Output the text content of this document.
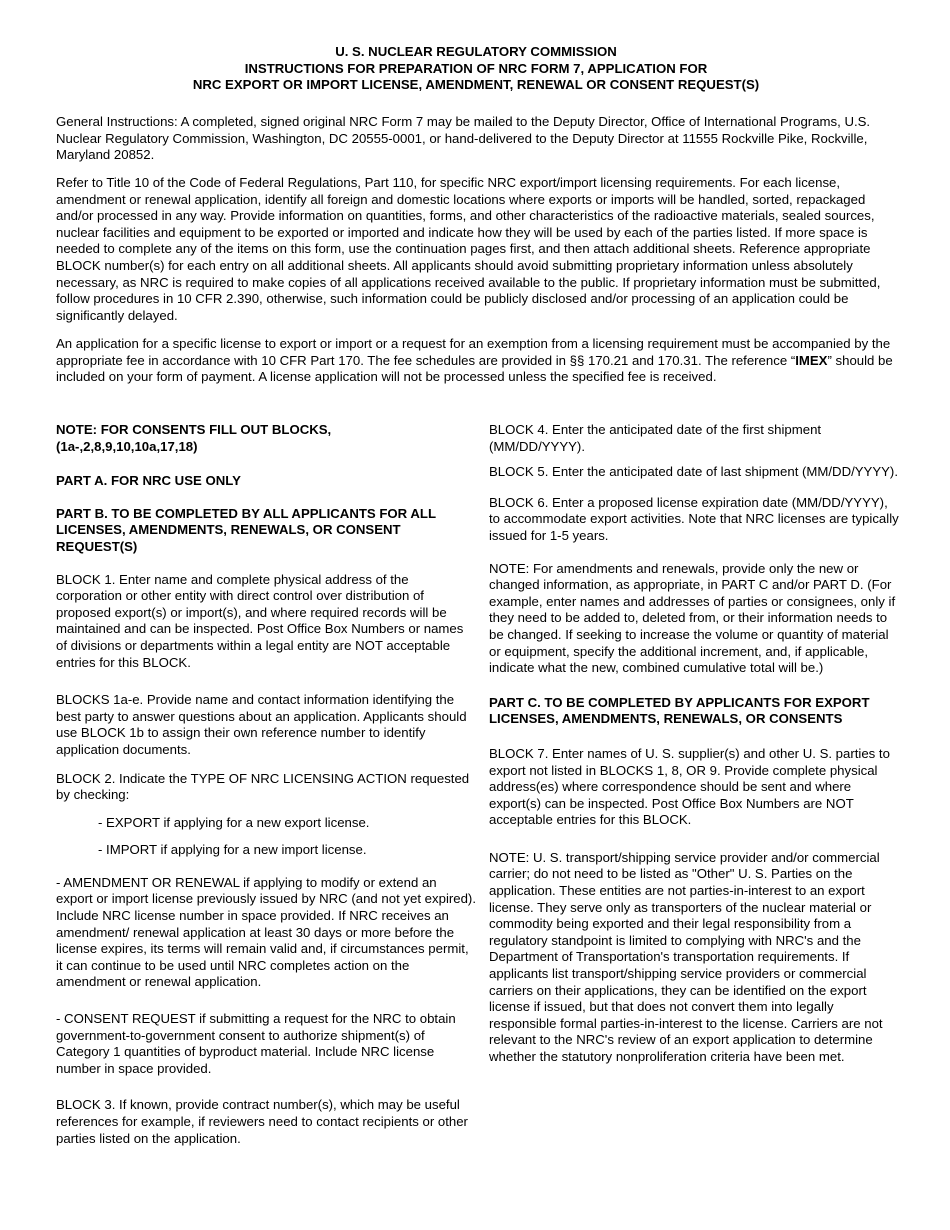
U. S. NUCLEAR REGULATORY COMMISSION
INSTRUCTIONS FOR PREPARATION OF NRC FORM 7, APPLICATION FOR
NRC EXPORT OR IMPORT LICENSE, AMENDMENT, RENEWAL OR CONSENT REQUEST(S)

General Instructions: A completed, signed original NRC Form 7 may be mailed to the Deputy Director, Office of International Programs, U.S. Nuclear Regulatory Commission, Washington, DC 20555-0001, or hand-delivered to the Deputy Director at 11555 Rockville Pike, Rockville, Maryland 20852.

Refer to Title 10 of the Code of Federal Regulations, Part 110, for specific NRC export/import licensing requirements. For each license, amendment or renewal application, identify all foreign and domestic locations where exports or imports will be handled, sorted, repackaged and/or processed in any way. Provide information on quantities, forms, and other characteristics of the radioactive materials, sealed sources, nuclear facilities and equipment to be exported or imported and indicate how they will be used by each of the parties listed. If more space is needed to complete any of the items on this form, use the continuation pages first, and then attach additional sheets. Reference appropriate BLOCK number(s) for each entry on all additional sheets. All applicants should avoid submitting proprietary information unless absolutely necessary, as NRC is required to make copies of all applications received available to the public. If proprietary information must be submitted, follow procedures in 10 CFR 2.390, otherwise, such information could be publicly disclosed and/or processing of an application could be significantly delayed.

An application for a specific license to export or import or a request for an exemption from a licensing requirement must be accompanied by the appropriate fee in accordance with 10 CFR Part 170. The fee schedules are provided in §§ 170.21 and 170.31. The reference “IMEX” should be included on your form of payment. A license application will not be processed unless the specified fee is received.

NOTE: FOR CONSENTS FILL OUT BLOCKS, (1a-,2,8,9,10,10a,17,18)

PART A. FOR NRC USE ONLY

PART B. TO BE COMPLETED BY ALL APPLICANTS FOR ALL LICENSES, AMENDMENTS, RENEWALS, OR CONSENT REQUEST(S)

BLOCK 1. Enter name and complete physical address of the corporation or other entity with direct control over distribution of proposed export(s) or import(s), and where required records will be maintained and can be inspected. Post Office Box Numbers or names of divisions or departments within a legal entity are NOT acceptable entries for this BLOCK.

BLOCKS 1a-e. Provide name and contact information identifying the best party to answer questions about an application. Applicants should use BLOCK 1b to assign their own reference number to identify application documents.

BLOCK 2. Indicate the TYPE OF NRC LICENSING ACTION requested by checking:

- EXPORT if applying for a new export license.

- IMPORT if applying for a new import license.

- AMENDMENT OR RENEWAL if applying to modify or extend an export or import license previously issued by NRC (and not yet expired). Include NRC license number in space provided. If NRC receives an amendment/ renewal application at least 30 days or more before the license expires, its terms will remain valid and, if circumstances permit, it can continue to be used until NRC completes action on the amendment or renewal application.

- CONSENT REQUEST if submitting a request for the NRC to obtain government-to-government consent to authorize shipment(s) of Category 1 quantities of byproduct material. Include NRC license number in space provided.

BLOCK 3. If known, provide contract number(s), which may be useful references for example, if reviewers need to contact recipients or other parties listed on the application.

BLOCK 4. Enter the anticipated date of the first shipment (MM/DD/YYYY).

BLOCK 5. Enter the anticipated date of last shipment (MM/DD/YYYY).

BLOCK 6. Enter a proposed license expiration date (MM/DD/YYYY), to accommodate export activities. Note that NRC licenses are typically issued for 1-5 years.

NOTE: For amendments and renewals, provide only the new or changed information, as appropriate, in PART C and/or PART D. (For example, enter names and addresses of parties or consignees, only if they need to be added to, deleted from, or their information needs to be changed. If seeking to increase the volume or quantity of material or equipment, specify the additional increment, and, if applicable, indicate what the new, combined cumulative total will be.)

PART C. TO BE COMPLETED BY APPLICANTS FOR EXPORT LICENSES, AMENDMENTS, RENEWALS, OR CONSENTS

BLOCK 7. Enter names of U. S. supplier(s) and other U. S. parties to export not listed in BLOCKS 1, 8, OR 9. Provide complete physical address(es) where correspondence should be sent and where export(s) can be inspected. Post Office Box Numbers are NOT acceptable entries for this BLOCK.

NOTE: U. S. transport/shipping service provider and/or commercial carrier; do not need to be listed as "Other" U. S. Parties on the application. These entities are not parties-in-interest to an export license. They serve only as transporters of the nuclear material or commodity being exported and their legal responsibility from a regulatory standpoint is limited to complying with NRC's and the Department of Transportation's transportation requirements. If applicants list transport/shipping service providers or commercial carriers on their applications, they can be identified on the export license if issued, but that does not convert them into legally responsible formal parties-in-interest to the license. Carriers are not relevant to the NRC's review of an export application to determine whether the statutory nonproliferation criteria have been met.
